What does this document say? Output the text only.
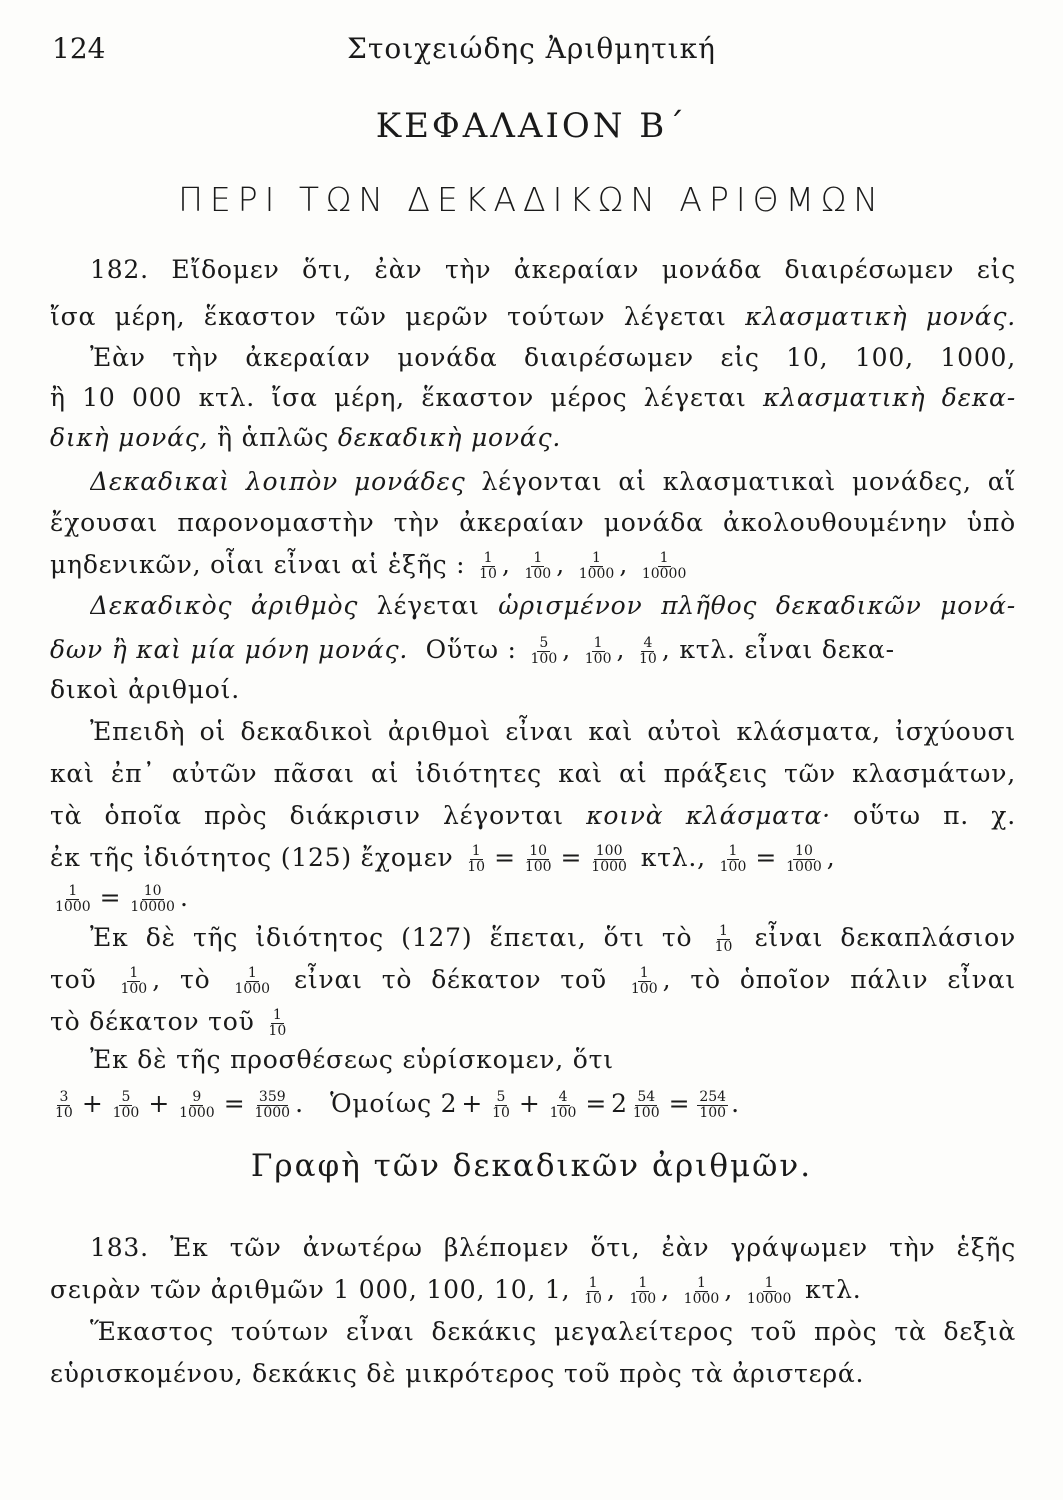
124	Στοιχειώδης Ἀριθμητική
ΚΕΦΑΛΑΙΟΝ Β΄
ΠΕΡΙ ΤΩΝ ΔΕΚΑΔΙΚΩΝ ΑΡΙΘΜΩΝ
182. Εἴδομεν ὅτι, ἐὰν τὴν ἀκεραίαν μονάδα διαιρέσωμεν εἰς
ἴσα μέρη, ἕκαστον τῶν μερῶν τούτων λέγεται κλασματικὴ μονάς.
Ἐὰν τὴν ἀκεραίαν μονάδα διαιρέσωμεν εἰς 10, 100, 1000,
ἢ 10 000 κτλ. ἴσα μέρη, ἕκαστον μέρος λέγεται κλασματικὴ δεκα-
δικὴ μονάς, ἢ ἁπλῶς δεκαδικὴ μονάς.
Δεκαδικαὶ λοιπὸν μονάδες λέγονται αἱ κλασματικαὶ μονάδες, αἵ
ἔχουσαι παρονομαστὴν τὴν ἀκεραίαν μονάδα ἀκολουθουμένην ὑπὸ
μηδενικῶν, οἷαι εἶναι αἱ ἑξῆς : $\frac{1}{10}$ , $\frac{1}{100}$ , $\frac{1}{1000}$ , $\frac{1}{10000}$
Δεκαδικὸς ἀριθμὸς λέγεται ὡρισμένον πλῆθος δεκαδικῶν μονά-
δων ἢ καὶ μία μόνη μονάς. Οὕτω : $\frac{5}{100}$ , $\frac{1}{100}$ , $\frac{4}{10}$ , κτλ. εἶναι δεκα-
δικοὶ ἀριθμοί.
Ἐπειδὴ οἱ δεκαδικοὶ ἀριθμοὶ εἶναι καὶ αὐτοὶ κλάσματα, ἰσχύουσι
καὶ ἐπ᾽ αὐτῶν πᾶσαι αἱ ἰδιότητες καὶ αἱ πράξεις τῶν κλασμάτων,
τὰ ὁποῖα πρὸς διάκρισιν λέγονται κοινὰ κλάσματα· οὕτω π. χ.
ἐκ τῆς ἰδιότητος (125) ἔχομεν $\frac{1}{10} = \frac{10}{100} = \frac{100}{1000} \kappa\tau\lambda$., $\frac{1}{100} = \frac{10}{1000}$ ,
$\frac{1}{1000} = \frac{10}{10000}$ .
Ἐκ δὲ τῆς ἰδιότητος (127) ἕπεται, ὅτι τὸ $\frac{1}{10}$ εἶναι δεκαπλάσιον
τοῦ $\frac{1}{100}$ , τὸ $\frac{1}{1000}$ εἶναι τὸ δέκατον τοῦ $\frac{1}{100}$ , τὸ ὁποῖον πάλιν εἶναι
τὸ δέκατον τοῦ $\frac{1}{10}$
Ἐκ δὲ τῆς προσθέσεως εὑρίσκομεν, ὅτι
$\frac{3}{10} + \frac{5}{100} + \frac{9}{1000} = \frac{359}{1000}$ .   Ὁμοίως $2 + \frac{5}{10} + \frac{4}{100} = 2 \frac{54}{100} = \frac{254}{100}$ .
Γραφὴ τῶν δεκαδικῶν ἀριθμῶν.
183. Ἐκ τῶν ἀνωτέρω βλέπομεν ὅτι, ἐὰν γράψωμεν τὴν ἑξῆς
σειρὰν τῶν ἀριθμῶν 1 000, 100, 10, 1, $\frac{1}{10}$ , $\frac{1}{100}$ , $\frac{1}{1000}$ , $\frac{1}{10000} \kappa\tau\lambda$.
Ἕκαστος τούτων εἶναι δεκάκις μεγαλείτερος τοῦ πρὸς τὰ δεξιὰ
εὑρισκομένου, δεκάκις δὲ μικρότερος τοῦ πρὸς τὰ ἀριστερά.
